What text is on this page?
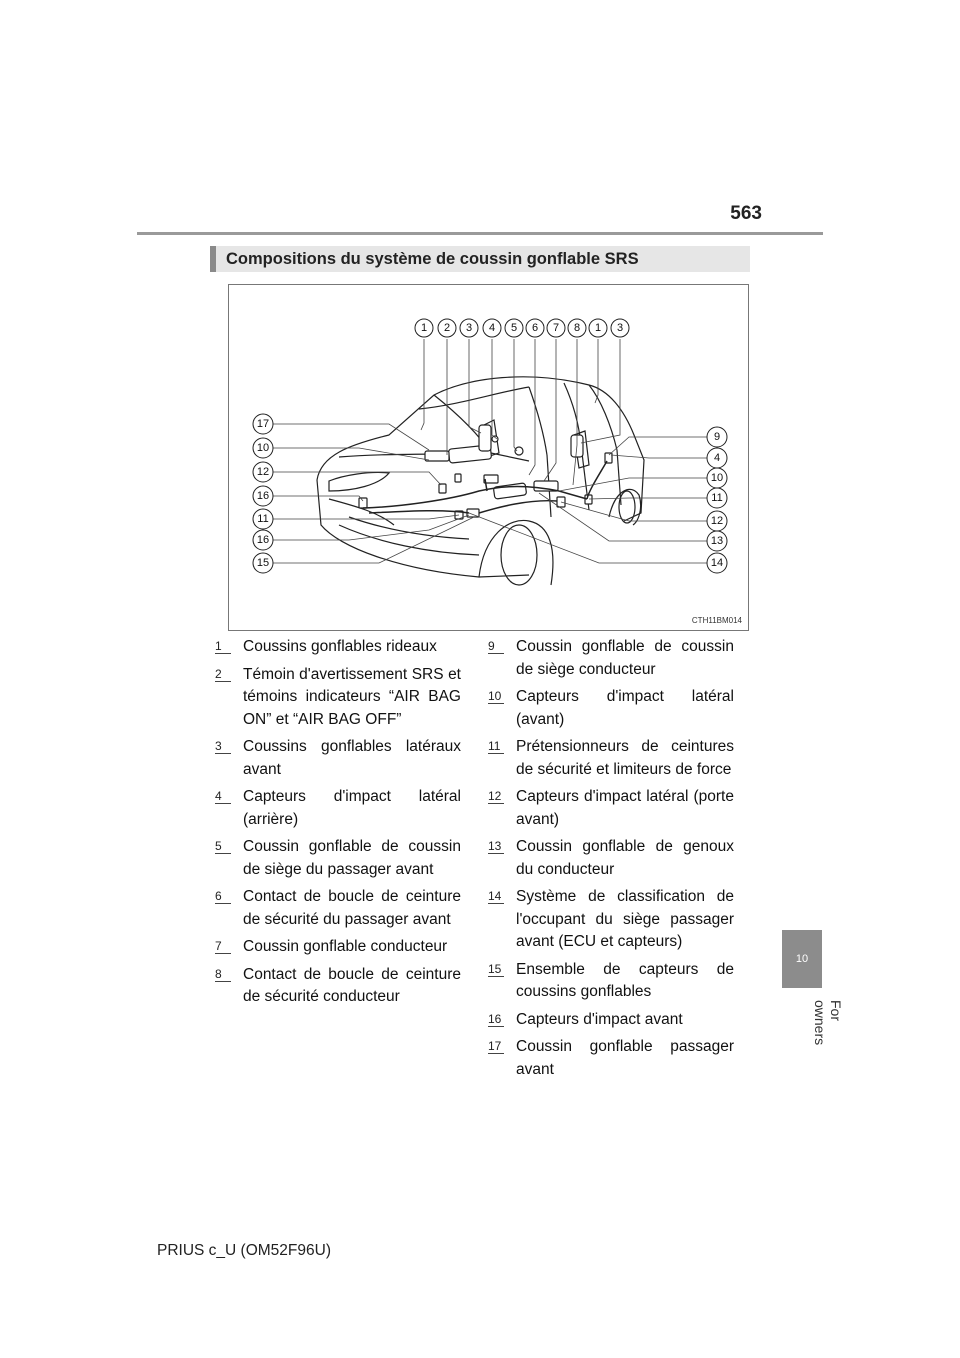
563
Compositions du système de coussin gonflable SRS
1 2 3 4 5 6 7 8 1 3
17
10
12
16
11
16
15
9
4
10
11
12
13
14
CTH11BM014
1	Coussins gonflables rideaux
2	Témoin d'avertissement SRS et témoins indicateurs “AIR BAG ON” et “AIR BAG OFF”
3	Coussins gonflables latéraux avant
4	Capteurs d'impact latéral (arrière)
5	Coussin gonflable de coussin de siège du passager avant
6	Contact de boucle de ceinture de sécurité du passager avant
7	Coussin gonflable conducteur
8	Contact de boucle de ceinture de sécurité conducteur
9	Coussin gonflable de coussin de siège conducteur
10 Capteurs d'impact latéral (avant)
11 Prétensionneurs de ceintures de sécurité et limiteurs de force
12 Capteurs d'impact latéral (porte avant)
13 Coussin gonflable de genoux du conducteur
14 Système de classification de l'occupant du siège passager avant (ECU et capteurs)
15 Ensemble de capteurs de coussins gonflables
16 Capteurs d'impact avant
17 Coussin gonflable passager avant
10
For owners
PRIUS c_U (OM52F96U)
